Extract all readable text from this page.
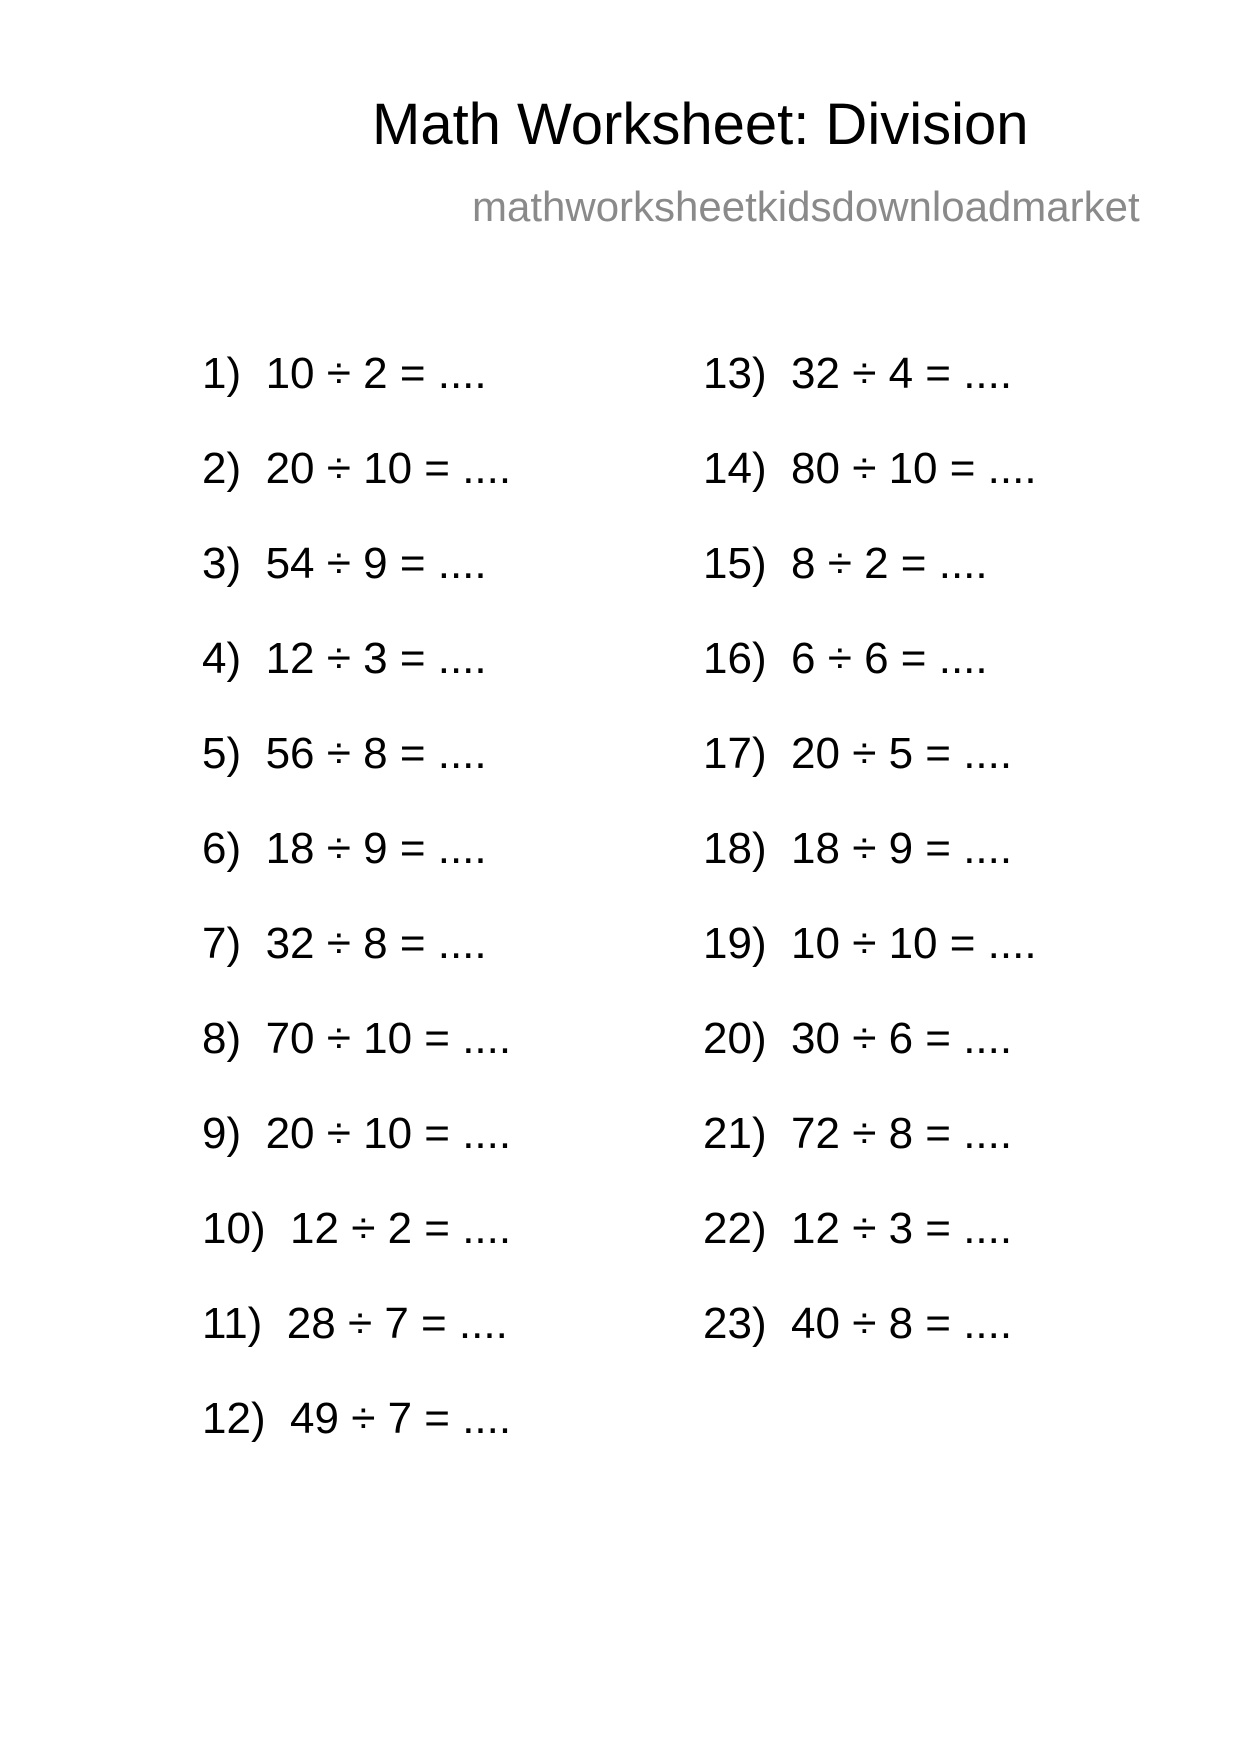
Math Worksheet: Division
mathworksheetkidsdownloadmarket
1) 10 ÷ 2 = ....
2) 20 ÷ 10 = ....
3) 54 ÷ 9 = ....
4) 12 ÷ 3 = ....
5) 56 ÷ 8 = ....
6) 18 ÷ 9 = ....
7) 32 ÷ 8 = ....
8) 70 ÷ 10 = ....
9) 20 ÷ 10 = ....
10) 12 ÷ 2 = ....
11) 28 ÷ 7 = ....
12) 49 ÷ 7 = ....
13) 32 ÷ 4 = ....
14) 80 ÷ 10 = ....
15) 8 ÷ 2 = ....
16) 6 ÷ 6 = ....
17) 20 ÷ 5 = ....
18) 18 ÷ 9 = ....
19) 10 ÷ 10 = ....
20) 30 ÷ 6 = ....
21) 72 ÷ 8 = ....
22) 12 ÷ 3 = ....
23) 40 ÷ 8 = ....
